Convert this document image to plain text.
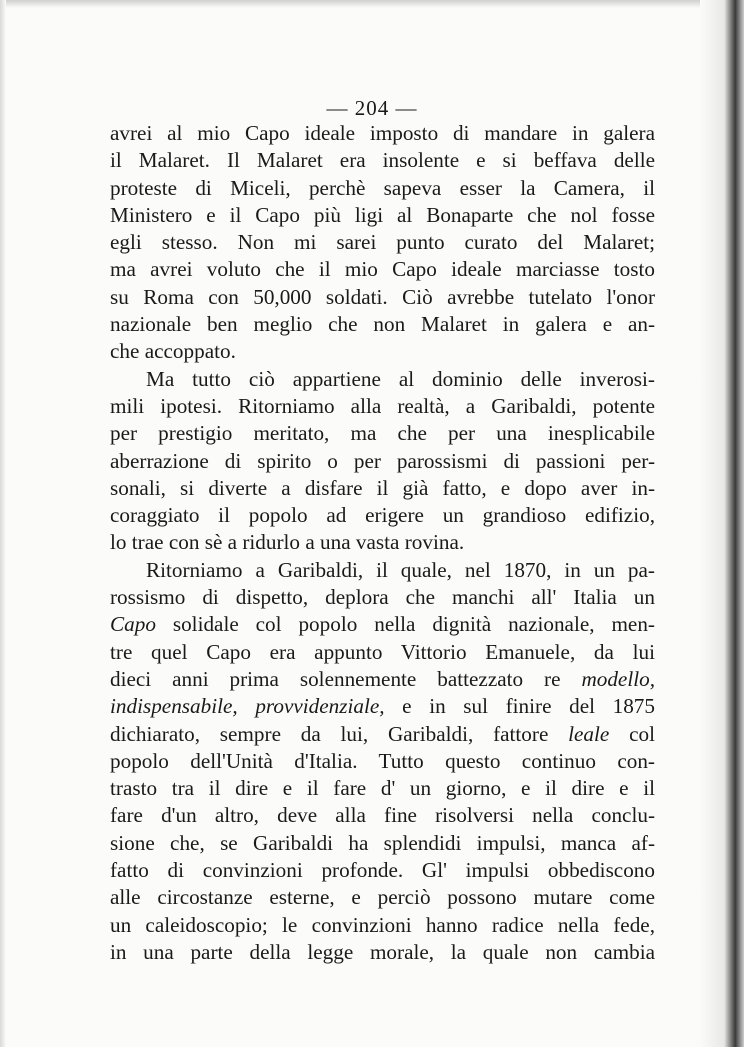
— 204 —
avrei al mio Capo ideale imposto di mandare in galera
il Malaret. Il Malaret era insolente e si beffava delle
proteste di Miceli, perchè sapeva esser la Camera, il
Ministero e il Capo più ligi al Bonaparte che nol fosse
egli stesso. Non mi sarei punto curato del Malaret;
ma avrei voluto che il mio Capo ideale marciasse tosto
su Roma con 50,000 soldati. Ciò avrebbe tutelato l'onor
nazionale ben meglio che non Malaret in galera e an-
che accoppato.
Ma tutto ciò appartiene al dominio delle inverosi-
mili ipotesi. Ritorniamo alla realtà, a Garibaldi, potente
per prestigio meritato, ma che per una inesplicabile
aberrazione di spirito o per parossismi di passioni per-
sonali, si diverte a disfare il già fatto, e dopo aver in-
coraggiato il popolo ad erigere un grandioso edifizio,
lo trae con sè a ridurlo a una vasta rovina.
Ritorniamo a Garibaldi, il quale, nel 1870, in un pa-
rossismo di dispetto, deplora che manchi all' Italia un
Capo solidale col popolo nella dignità nazionale, men-
tre quel Capo era appunto Vittorio Emanuele, da lui
dieci anni prima solennemente battezzato re modello,
indispensabile, provvidenziale, e in sul finire del 1875
dichiarato, sempre da lui, Garibaldi, fattore leale col
popolo dell'Unità d'Italia. Tutto questo continuo con-
trasto tra il dire e il fare d' un giorno, e il dire e il
fare d'un altro, deve alla fine risolversi nella conclu-
sione che, se Garibaldi ha splendidi impulsi, manca af-
fatto di convinzioni profonde. Gl' impulsi obbediscono
alle circostanze esterne, e perciò possono mutare come
un caleidoscopio; le convinzioni hanno radice nella fede,
in una parte della legge morale, la quale non cambia
